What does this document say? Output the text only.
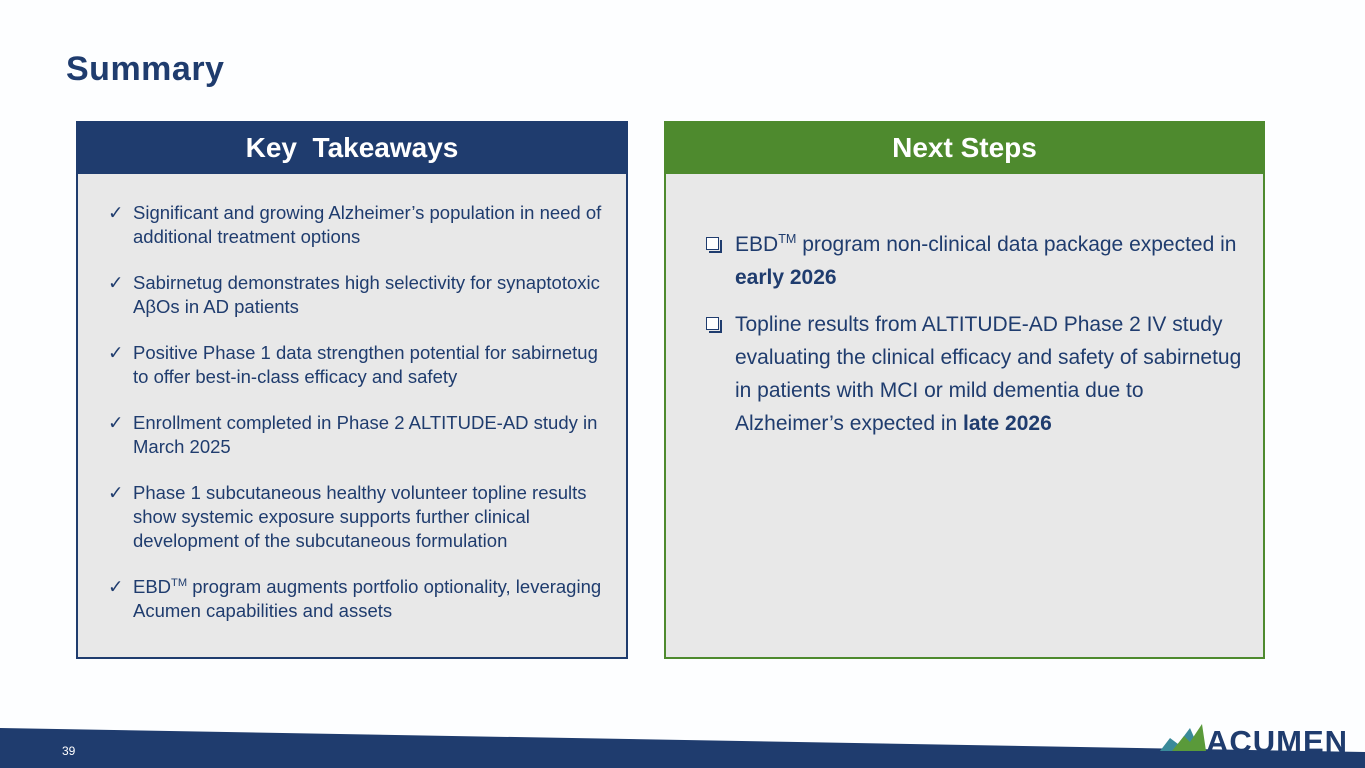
Summary
Key  Takeaways
✓ Significant and growing Alzheimer’s population in need of additional treatment options
✓ Sabirnetug demonstrates high selectivity for synaptotoxic AβOs in AD patients
✓ Positive Phase 1 data strengthen potential for sabirnetug to offer best-in-class efficacy and safety
✓ Enrollment completed in Phase 2 ALTITUDE-AD study in March 2025
✓ Phase 1 subcutaneous healthy volunteer topline results show systemic exposure supports further clinical development of the subcutaneous formulation
✓ EBD™ program augments portfolio optionality, leveraging Acumen capabilities and assets
Next Steps
EBD™ program non-clinical data package expected in early 2026
Topline results from ALTITUDE-AD Phase 2 IV study evaluating the clinical efficacy and safety of sabirnetug in patients with MCI or mild dementia due to Alzheimer’s expected in late 2026
39	ACUMEN
